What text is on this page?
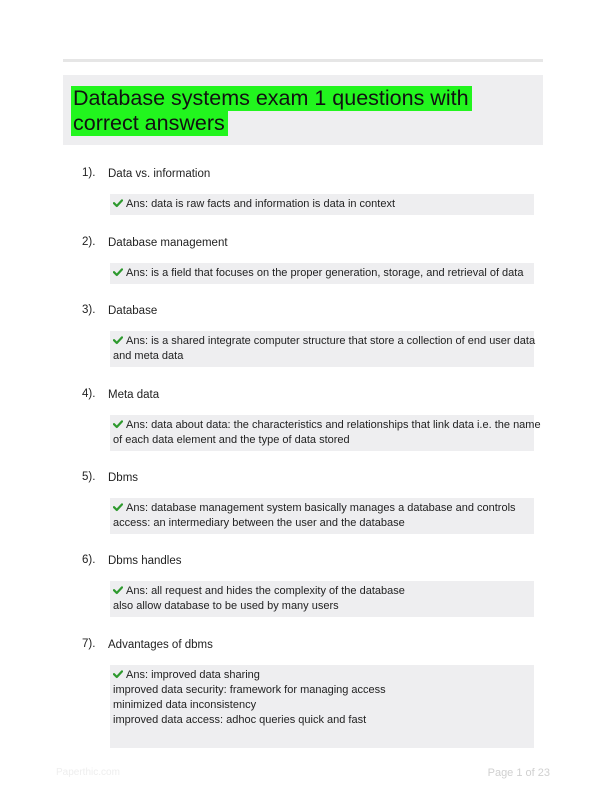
Database systems exam 1 questions with correct answers
1). Data vs. information
Ans: data is raw facts and information is data in context
2). Database management
Ans: is a field that focuses on the proper generation, storage, and retrieval of data
3). Database
Ans: is a shared integrate computer structure that store a collection of end user data
and meta data
4). Meta data
Ans: data about data: the characteristics and relationships that link data i.e. the name
of each data element and the type of data stored
5). Dbms
Ans: database management system basically manages a database and controls
access: an intermediary between the user and the database
6). Dbms handles
Ans: all request and hides the complexity of the database
also allow database to be used by many users
7). Advantages of dbms
Ans: improved data sharing
improved data security: framework for managing access
minimized data inconsistency
improved data access: adhoc queries quick and fast
Paperthic.com	Page 1 of 23
